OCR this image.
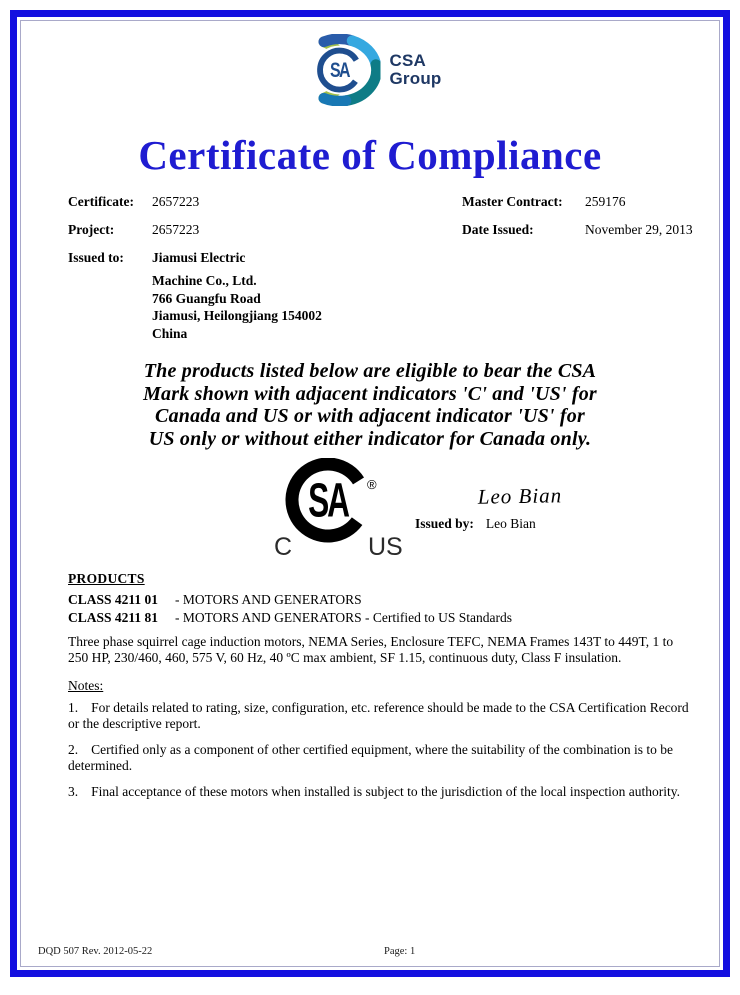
SA CSA
Group
Certificate of Compliance
Certificate: 2657223	Master Contract: 259176
Project:	2657223	Date Issued:	November 29, 2013
Issued to: Jiamusi Electric
Machine Co., Ltd.
766 Guangfu Road
Jiamusi, Heilongjiang 154002
China
The products listed below are eligible to bear the CSA
Mark shown with adjacent indicators 'C' and 'US' for
Canada and US or with adjacent indicator 'US' for
US only or without either indicator for Canada only.
SA ®
C	US
Leo Bian
Issued by: Leo Bian
PRODUCTS
CLASS 4211 01 - MOTORS AND GENERATORS
CLASS 4211 81 - MOTORS AND GENERATORS - Certified to US Standards
Three phase squirrel cage induction motors, NEMA Series, Enclosure TEFC, NEMA Frames 143T to 449T, 1 to 250 HP, 230/460, 460, 575 V, 60 Hz, 40 ºC max ambient, SF 1.15, continuous duty, Class F insulation.
Notes:
1. For details related to rating, size, configuration, etc. reference should be made to the CSA Certification Record or the descriptive report.
2. Certified only as a component of other certified equipment, where the suitability of the combination is to be determined.
3. Final acceptance of these motors when installed is subject to the jurisdiction of the local inspection authority.
DQD 507 Rev. 2012-05-22	Page: 1
